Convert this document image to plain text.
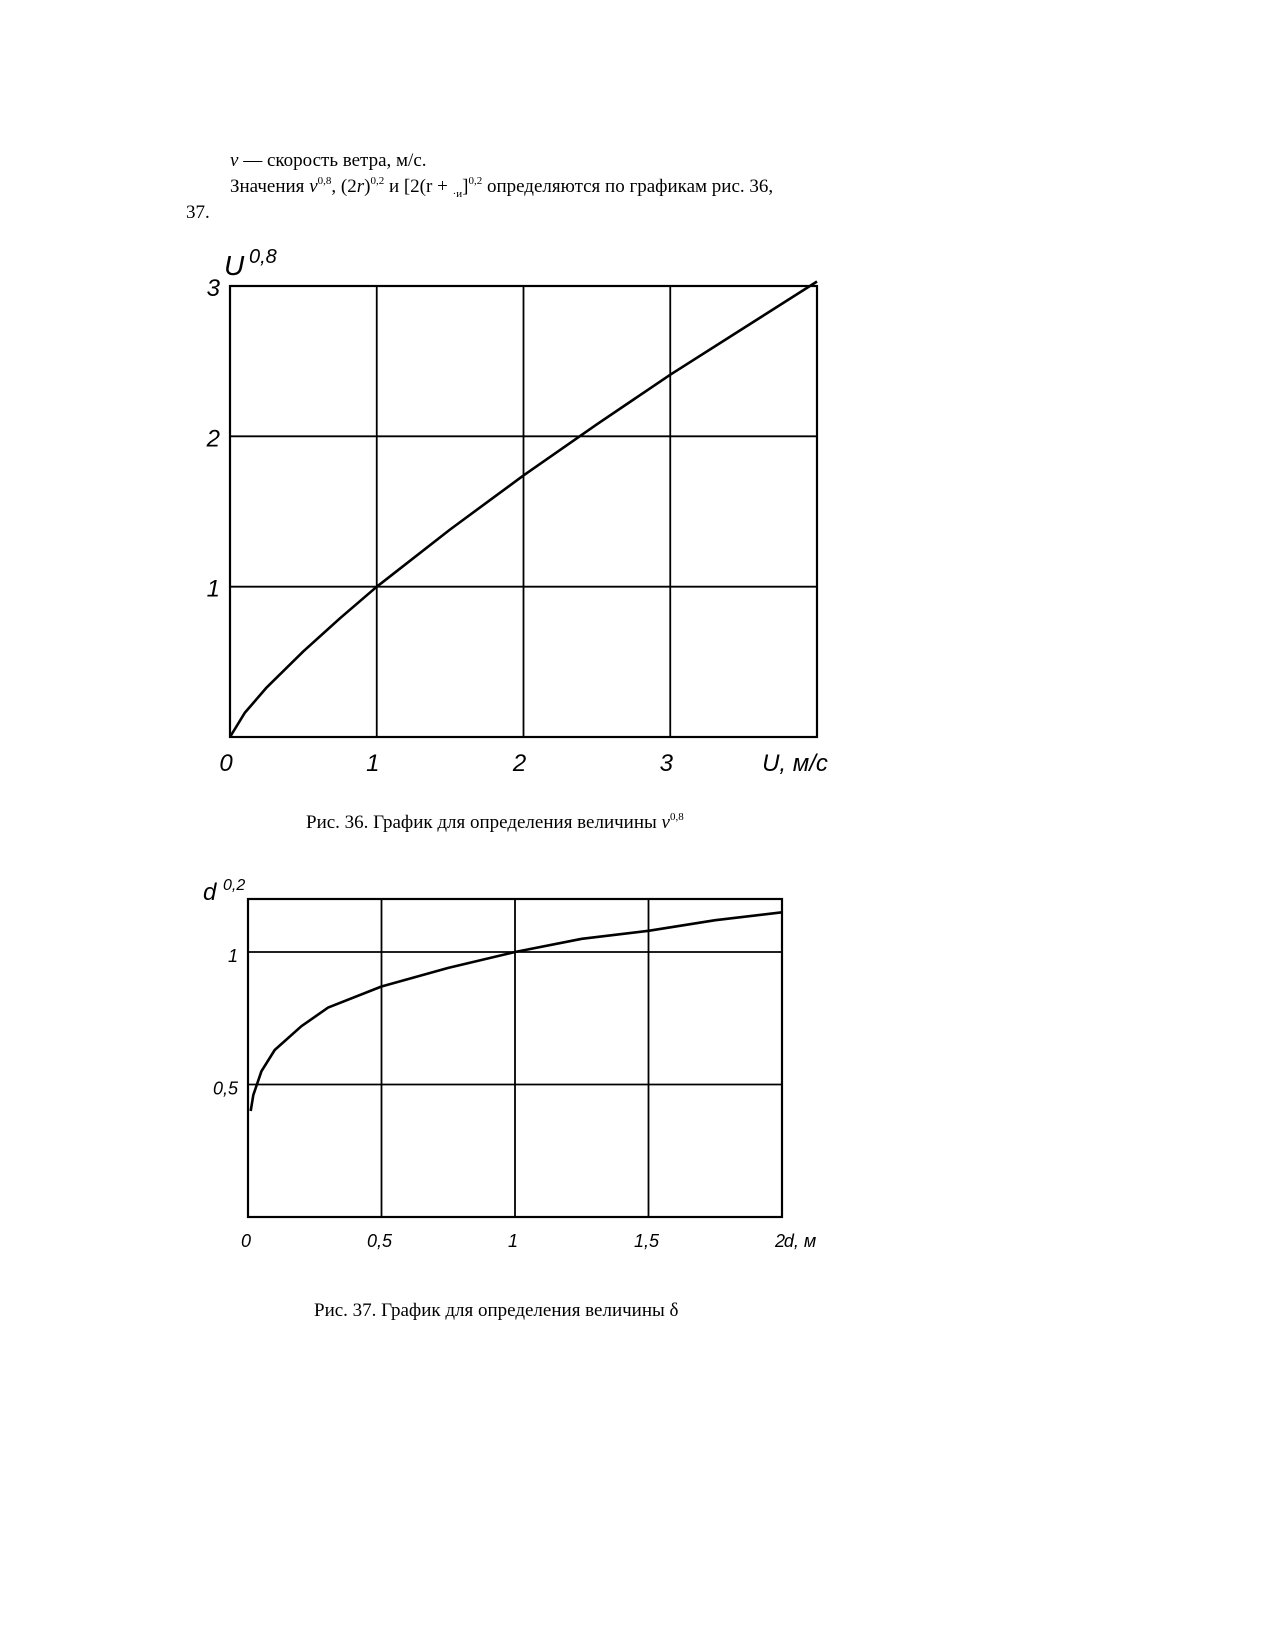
v — скорость ветра, м/с.
Значения $v^{0,8}$, $(2r)^{0,2}$ и [$2(r + _{\cdot и}]^{0,2}$ определяются по графикам рис. 36,
37.
0	1	2	3
1
2
3
U, м/с
U 0,8
0	0,5	1	1,5	2
0,5
1
d, м
d 0,2
Рис. 36. График для определения величины $v^{0,8}$
Рис. 37. График для определения величины δ
